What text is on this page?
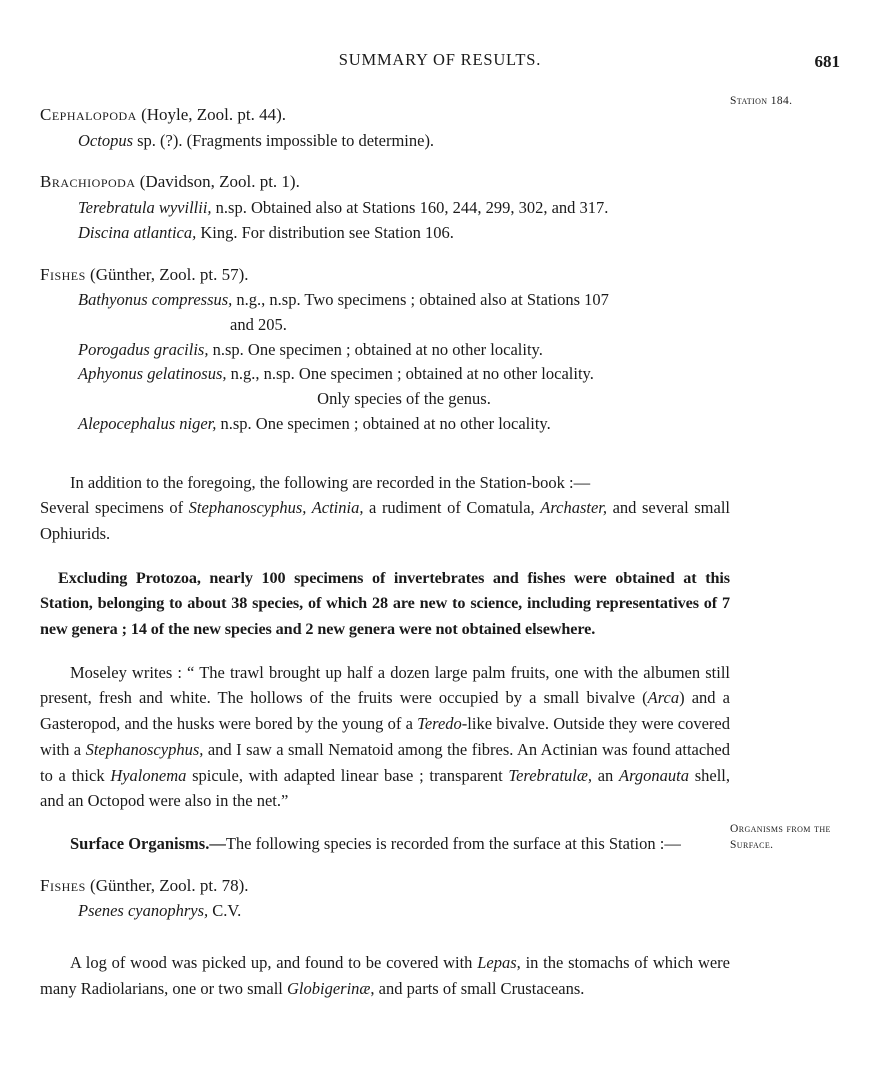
SUMMARY OF RESULTS.	681
Station 184.
Organisms from the Surface.
Cephalopoda (Hoyle, Zool. pt. 44).
Octopus sp. (?). (Fragments impossible to determine).
Brachiopoda (Davidson, Zool. pt. 1).
Terebratula wyvillii, n.sp. Obtained also at Stations 160, 244, 299, 302, and 317.
Discina atlantica, King. For distribution see Station 106.
Fishes (Günther, Zool. pt. 57).
Bathyonus compressus, n.g., n.sp. Two specimens ; obtained also at Stations 107
and 205.
Porogadus gracilis, n.sp. One specimen ; obtained at no other locality.
Aphyonus gelatinosus, n.g., n.sp. One specimen ; obtained at no other locality.
Only species of the genus.
Alepocephalus niger, n.sp. One specimen ; obtained at no other locality.

In addition to the foregoing, the following are recorded in the Station-book :—
Several specimens of Stephanoscyphus, Actinia, a rudiment of Comatula, Archaster, and several small Ophiurids.

Excluding Protozoa, nearly 100 specimens of invertebrates and fishes were obtained at this Station, belonging to about 38 species, of which 28 are new to science, including representatives of 7 new genera ; 14 of the new species and 2 new genera were not obtained elsewhere.

Moseley writes : “ The trawl brought up half a dozen large palm fruits, one with the albumen still present, fresh and white. The hollows of the fruits were occupied by a small bivalve (Arca) and a Gasteropod, and the husks were bored by the young of a Teredo-like bivalve. Outside they were covered with a Stephanoscyphus, and I saw a small Nematoid among the fibres. An Actinian was found attached to a thick Hyalonema spicule, with adapted linear base ; transparent Terebratulæ, an Argonauta shell, and an Octopod were also in the net.”

Surface Organisms.—The following species is recorded from the surface at this Station :—

Fishes (Günther, Zool. pt. 78).
Psenes cyanophrys, C.V.

A log of wood was picked up, and found to be covered with Lepas, in the stomachs of which were many Radiolarians, one or two small Globigerinæ, and parts of small Crustaceans.
